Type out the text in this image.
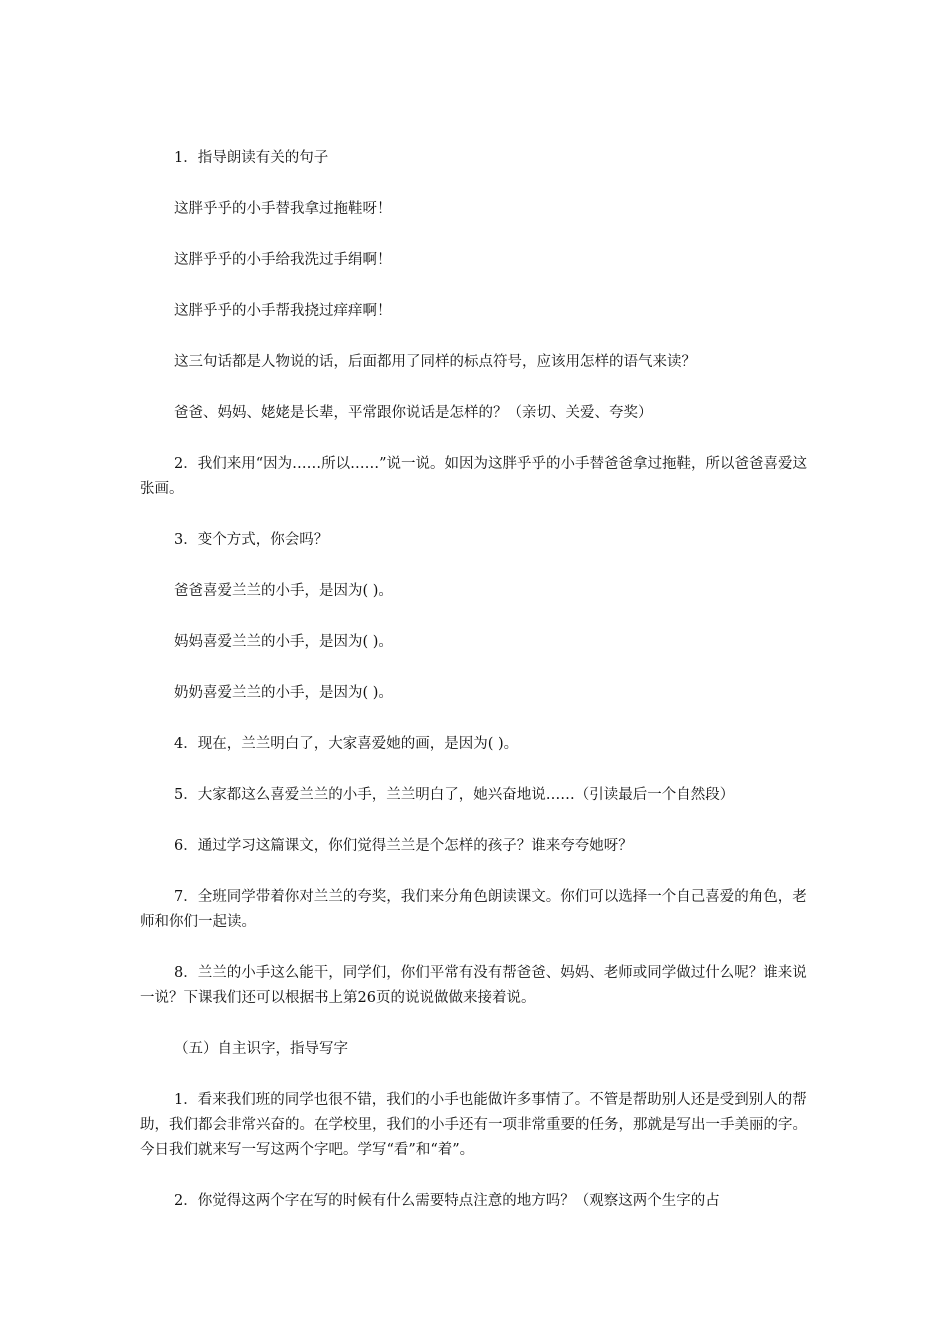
1．指导朗读有关的句子

这胖乎乎的小手替我拿过拖鞋呀！

这胖乎乎的小手给我洗过手绢啊！

这胖乎乎的小手帮我挠过痒痒啊！

这三句话都是人物说的话，后面都用了同样的标点符号，应该用怎样的语气来读？

爸爸、妈妈、姥姥是长辈，平常跟你说话是怎样的？（亲切、关爱、夸奖）

2．我们来用“因为……所以……”说一说。如因为这胖乎乎的小手替爸爸拿过拖鞋，所以爸爸喜爱这张画。

3．变个方式，你会吗？

爸爸喜爱兰兰的小手，是因为( )。

妈妈喜爱兰兰的小手，是因为( )。

奶奶喜爱兰兰的小手，是因为( )。

4．现在，兰兰明白了，大家喜爱她的画，是因为( )。

5．大家都这么喜爱兰兰的小手，兰兰明白了，她兴奋地说……（引读最后一个自然段）

6．通过学习这篇课文，你们觉得兰兰是个怎样的孩子？谁来夸夸她呀？

7．全班同学带着你对兰兰的夸奖，我们来分角色朗读课文。你们可以选择一个自己喜爱的角色，老师和你们一起读。

8．兰兰的小手这么能干，同学们，你们平常有没有帮爸爸、妈妈、老师或同学做过什么呢？谁来说一说？下课我们还可以根据书上第26页的说说做做来接着说。

（五）自主识字，指导写字

1．看来我们班的同学也很不错，我们的小手也能做许多事情了。不管是帮助别人还是受到别人的帮助，我们都会非常兴奋的。在学校里，我们的小手还有一项非常重要的任务，那就是写出一手美丽的字。今日我们就来写一写这两个字吧。学写“看”和“着”。

2．你觉得这两个字在写的时候有什么需要特点注意的地方吗？（观察这两个生字的占
